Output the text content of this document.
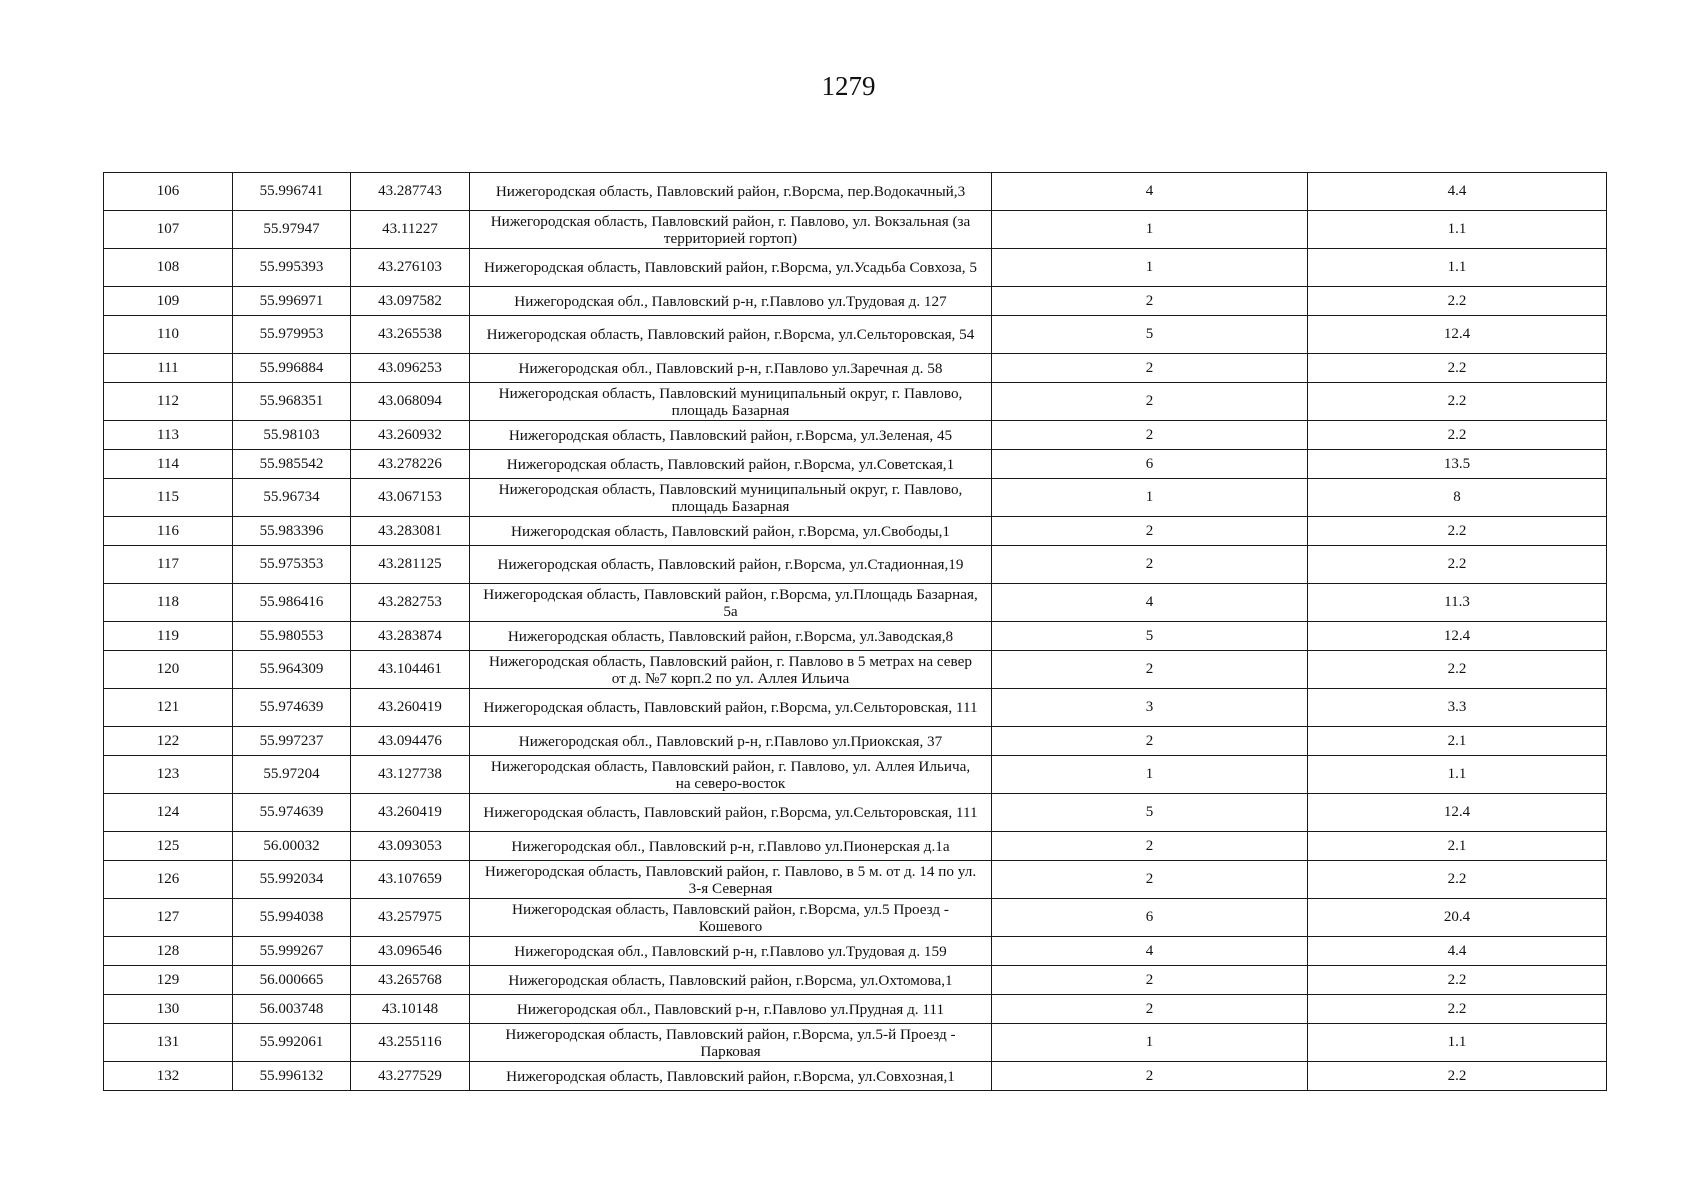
1279
106	55.996741	43.287743	Нижегородская область, Павловский район, г.Ворсма, пер.Водокачный,3	4	4.4
107	55.97947	43.11227	Нижегородская область, Павловский район, г. Павлово, ул. Вокзальная (за территорией гортоп)	1	1.1
108	55.995393	43.276103	Нижегородская область, Павловский район, г.Ворсма, ул.Усадьба Совхоза, 5	1	1.1
109	55.996971	43.097582	Нижегородская обл., Павловский р-н, г.Павлово ул.Трудовая д. 127	2	2.2
110	55.979953	43.265538	Нижегородская область, Павловский район, г.Ворсма, ул.Сельторовская, 54	5	12.4
111	55.996884	43.096253	Нижегородская обл., Павловский р-н, г.Павлово ул.Заречная д. 58	2	2.2
112	55.968351	43.068094	Нижегородская область, Павловский муниципальный округ, г. Павлово, площадь Базарная	2	2.2
113	55.98103	43.260932	Нижегородская область, Павловский район, г.Ворсма, ул.Зеленая, 45	2	2.2
114	55.985542	43.278226	Нижегородская область, Павловский район, г.Ворсма, ул.Советская,1	6	13.5
115	55.96734	43.067153	Нижегородская область, Павловский муниципальный округ, г. Павлово, площадь Базарная	1	8
116	55.983396	43.283081	Нижегородская область, Павловский район, г.Ворсма, ул.Свободы,1	2	2.2
117	55.975353	43.281125	Нижегородская область, Павловский район, г.Ворсма, ул.Стадионная,19	2	2.2
118	55.986416	43.282753	Нижегородская область, Павловский район, г.Ворсма, ул.Площадь Базарная, 5а	4	11.3
119	55.980553	43.283874	Нижегородская область, Павловский район, г.Ворсма, ул.Заводская,8	5	12.4
120	55.964309	43.104461	Нижегородская область, Павловский район, г. Павлово в 5 метрах на север от д. №7 корп.2 по ул. Аллея Ильича	2	2.2
121	55.974639	43.260419	Нижегородская область, Павловский район, г.Ворсма, ул.Сельторовская, 111	3	3.3
122	55.997237	43.094476	Нижегородская обл., Павловский р-н, г.Павлово ул.Приокская, 37	2	2.1
123	55.97204	43.127738	Нижегородская область, Павловский район, г. Павлово, ул. Аллея Ильича, на северо-восток	1	1.1
124	55.974639	43.260419	Нижегородская область, Павловский район, г.Ворсма, ул.Сельторовская, 111	5	12.4
125	56.00032	43.093053	Нижегородская обл., Павловский р-н, г.Павлово ул.Пионерская д.1а	2	2.1
126	55.992034	43.107659	Нижегородская область, Павловский район, г. Павлово, в 5 м. от д. 14 по ул. 3-я Северная	2	2.2
127	55.994038	43.257975	Нижегородская область, Павловский район, г.Ворсма, ул.5 Проезд - Кошевого	6	20.4
128	55.999267	43.096546	Нижегородская обл., Павловский р-н, г.Павлово ул.Трудовая д. 159	4	4.4
129	56.000665	43.265768	Нижегородская область, Павловский район, г.Ворсма, ул.Охтомова,1	2	2.2
130	56.003748	43.10148	Нижегородская обл., Павловский р-н, г.Павлово ул.Прудная д. 111	2	2.2
131	55.992061	43.255116	Нижегородская область, Павловский район, г.Ворсма, ул.5-й Проезд - Парковая	1	1.1
132	55.996132	43.277529	Нижегородская область, Павловский район, г.Ворсма, ул.Совхозная,1	2	2.2
